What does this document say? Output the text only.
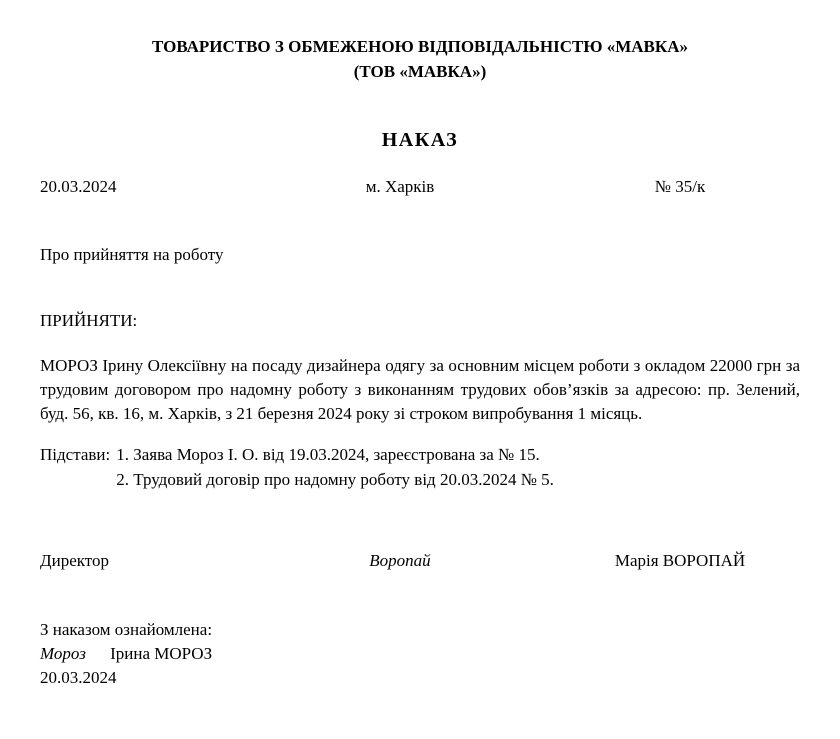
ТОВАРИСТВО З ОБМЕЖЕНОЮ ВІДПОВІДАЛЬНІСТЮ «МАВКА»
(ТОВ «МАВКА»)
НАКАЗ
20.03.2024	м. Харків	№ 35/к

Про прийняття на роботу

ПРИЙНЯТИ:

МОРОЗ Ірину Олексіївну на посаду дизайнера одягу за основним місцем роботи з окладом 22000 грн за трудовим договором про надомну роботу з виконанням трудових обов’язків за адресою: пр. Зелений, буд. 56, кв. 16, м. Харків, з 21 березня 2024 року зі строком випробування 1 місяць.

Підстави: 1. Заява Мороз І. О. від 19.03.2024, зареєстрована за № 15.
2. Трудовий договір про надомну роботу від 20.03.2024 № 5.
Директор	Воропай	Марія ВОРОПАЙ
З наказом ознайомлена:
Мороз Ірина МОРОЗ
20.03.2024
